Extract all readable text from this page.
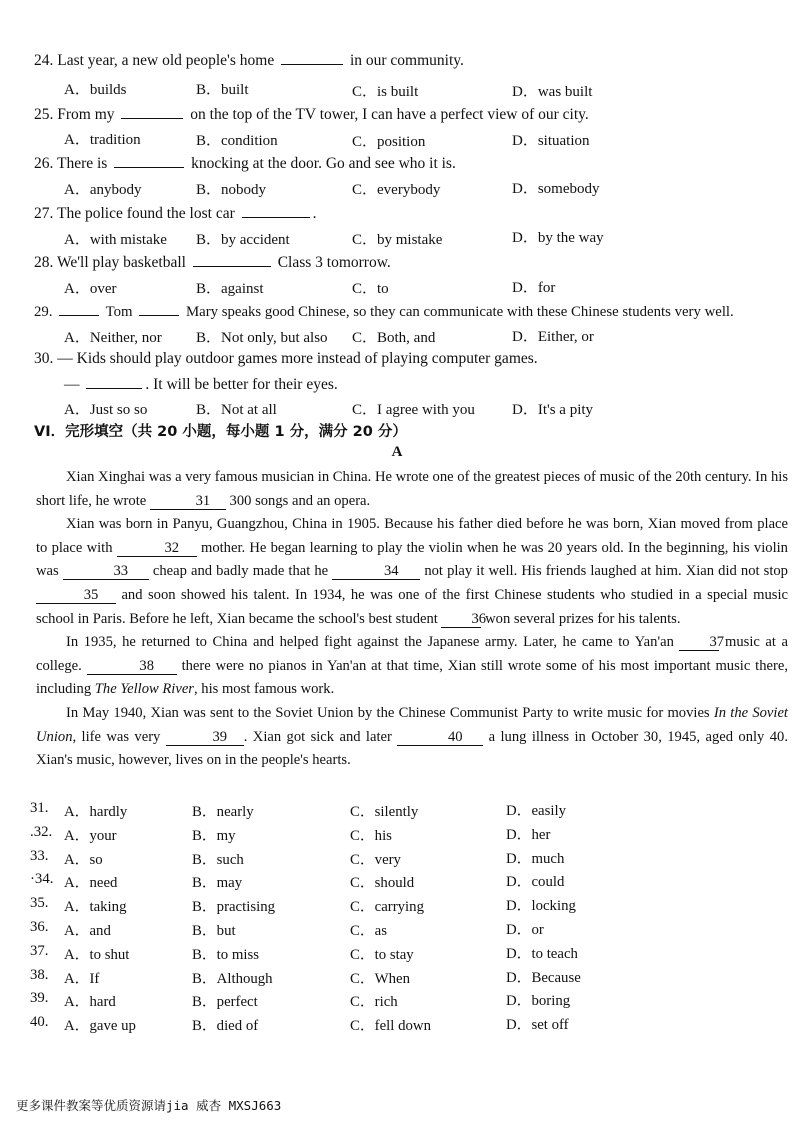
24. Last year, a new old people's home	in our community.
A．builds	B．built	C．is built	D．was built
25. From my	on the top of the TV tower, I can have a perfect view of our city.
A．tradition	B．condition	C．position	D．situation
26. There is	knocking at the door. Go and see who it is.
A．anybody	B．nobody	C．everybody	D．somebody
27. The police found the lost car	.
A．with mistake B．by accident	C．by mistake	D．by the way
28. We'll play basketball	Class 3 tomorrow.
A．over	B．against	C．to	D．for
29.	Tom	Mary speaks good Chinese, so they can communicate with these Chinese students very well.
A．Neither, nor B．Not only, but also C．Both, and	D．Either, or
30. — Kids should play outdoor games more instead of playing computer games.
—	. It will be better for their eyes.
A．Just so so	B．Not at all	C．I agree with you D．It's a pity
VI．完形填空（共 20 小题，每小题 1 分，满分 20 分）
A

Xian Xinghai was a very famous musician in China. He wrote one of the greatest pieces of music of the 20th century. In his short life, he wrote	31 300 songs and an opera.

Xian was born in Panyu, Guangzhou, China in 1905. Because his father died before he was born, Xian moved from place to place with	32 mother. He began learning to play the violin when he was 20 years old. In the beginning, his violin was	33 cheap and badly made that he	34 not play it well. His friends laughed at him. Xian did not stop 35 and soon showed his talent. In 1934, he was one of the first Chinese students who studied in a special music school in Paris. Before he left, Xian became the school's best student 36 won several prizes for his talents.

In 1935, he returned to China and helped fight against the Japanese army. Later, he came to Yan'an 37 music at a college.	38 there were no pianos in Yan'an at that time, Xian still wrote some of his most important music there, including The Yellow River, his most famous work.

In May 1940, Xian was sent to the Soviet Union by the Chinese Communist Party to write music for movies In the Soviet Union, life was very	39 . Xian got sick and later	40 a lung illness in October 30, 1945, aged only 40. Xian's music, however, lives on in the people's hearts.

31. A．hardly	B．nearly	C．silently	D．easily
.32. A．your	B．my	C．his	D．her
33. A．so	B．such	C．very	D．much
·34. A．need	B．may	C．should	D．could
35. A．taking	B．practising	C．carrying	D．locking
36. A．and	B．but	C．as	D．or
37. A．to shut	B．to miss	C．to stay	D．to teach
38. A．If	B．Although	C．When	D．Because
39. A．hard	B．perfect	C．rich	D．boring
40. A．gave up	B．died of	C．fell down	D．set off
更多课件教案等优质资源请jia 威杏 MXSJ663
